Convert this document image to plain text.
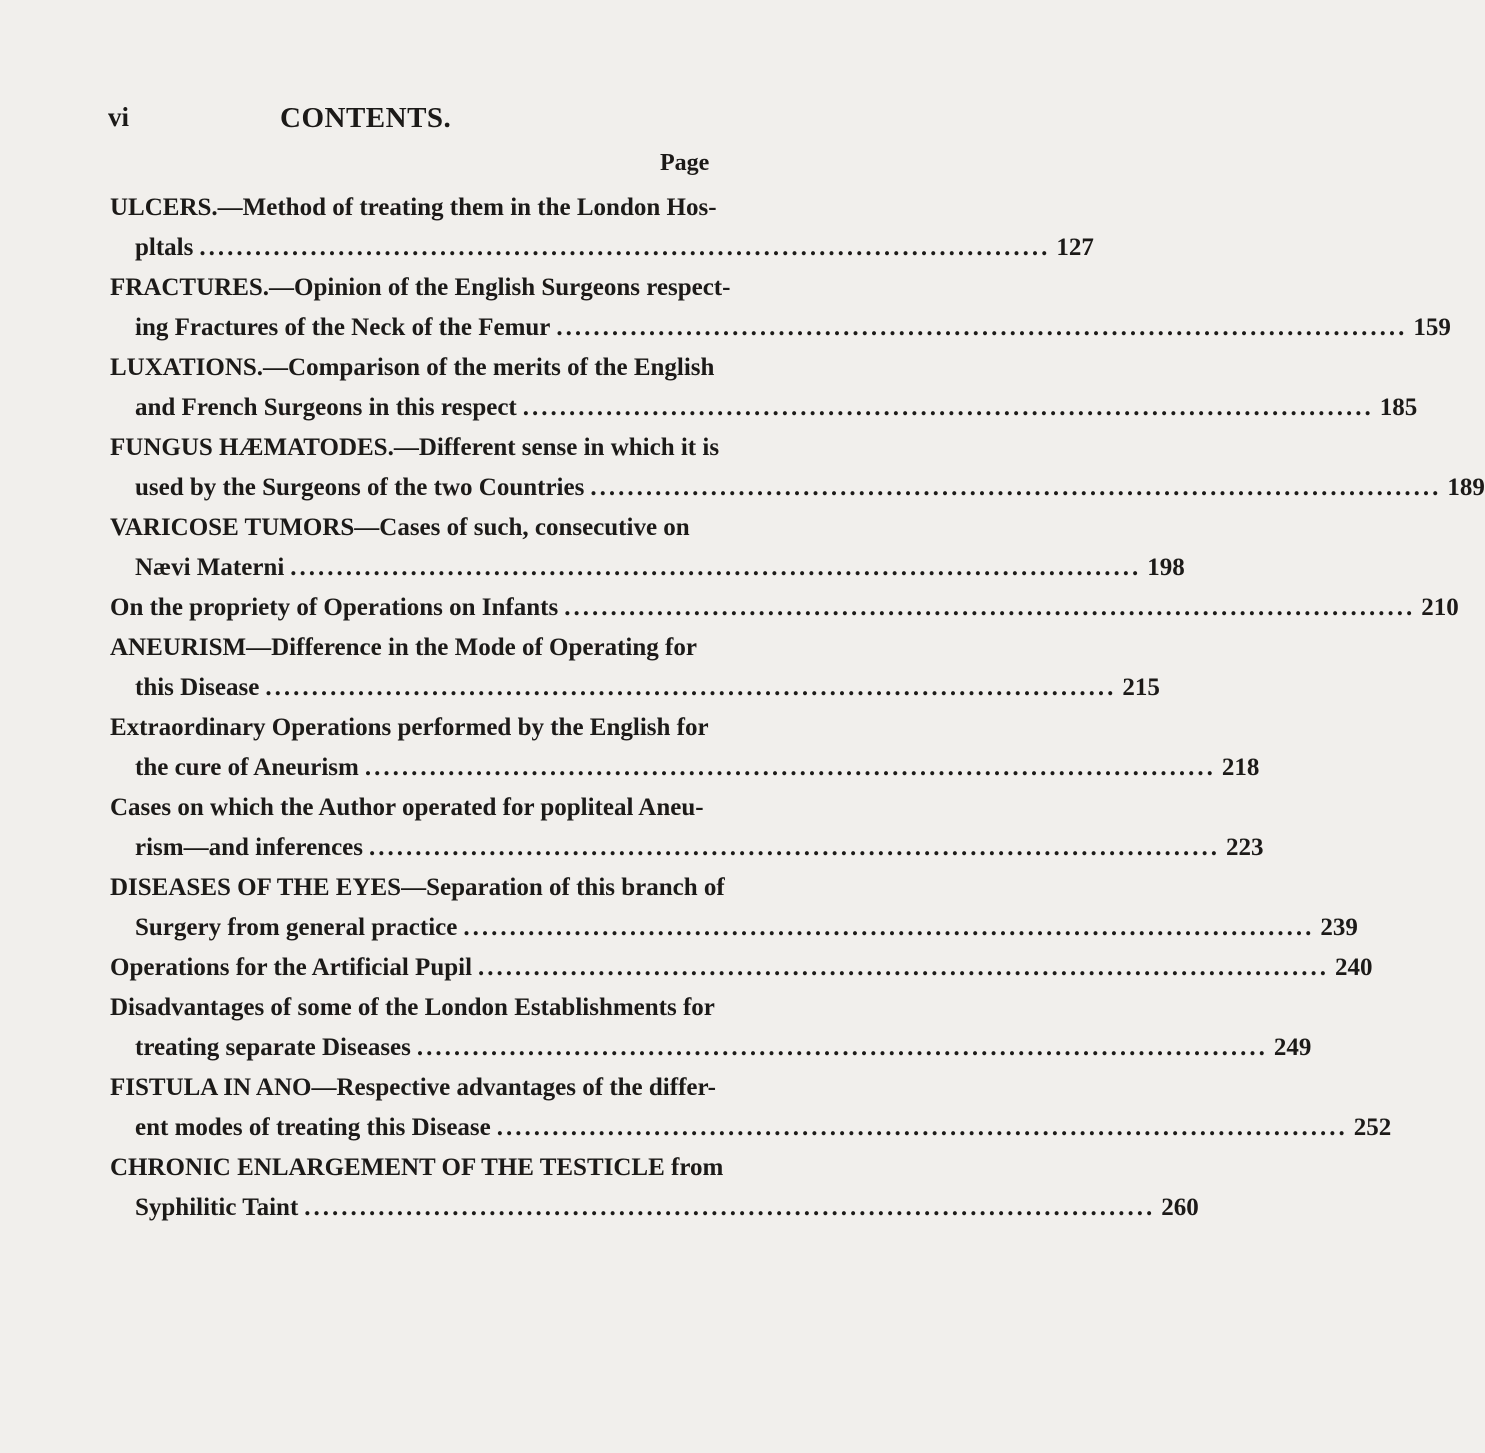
vi	CONTENTS.
Page
ULCERS.—Method of treating them in the London Hos-
pltals ............................................................................................ 127
FRACTURES.—Opinion of the English Surgeons respect-
ing Fractures of the Neck of the Femur ............................................................................................ 159
LUXATIONS.—Comparison of the merits of the English
and French Surgeons in this respect ............................................................................................ 185
FUNGUS HÆMATODES.—Different sense in which it is
used by the Surgeons of the two Countries ............................................................................................ 189
VARICOSE TUMORS—Cases of such, consecutive on
Nævi Materni ............................................................................................ 198
On the propriety of Operations on Infants ............................................................................................ 210
ANEURISM—Difference in the Mode of Operating for
this Disease ............................................................................................ 215
Extraordinary Operations performed by the English for
the cure of Aneurism ............................................................................................ 218
Cases on which the Author operated for popliteal Aneu-
rism—and inferences ............................................................................................ 223
DISEASES OF THE EYES—Separation of this branch of
Surgery from general practice ............................................................................................ 239
Operations for the Artificial Pupil ............................................................................................ 240
Disadvantages of some of the London Establishments for
treating separate Diseases ............................................................................................ 249
FISTULA IN ANO—Respective advantages of the differ-
ent modes of treating this Disease ............................................................................................ 252
CHRONIC ENLARGEMENT OF THE TESTICLE from
Syphilitic Taint ............................................................................................ 260
